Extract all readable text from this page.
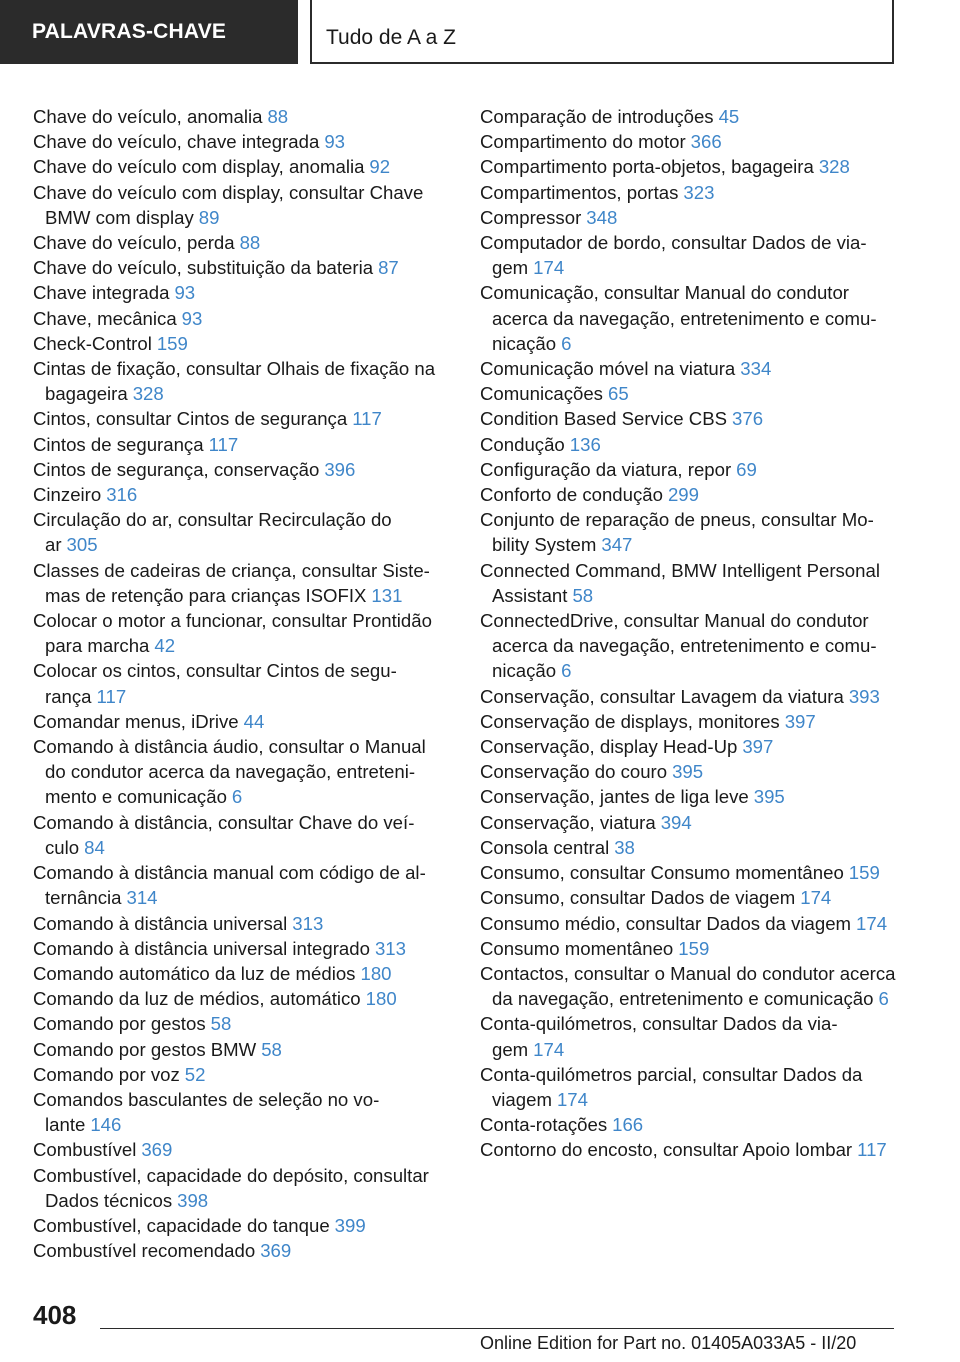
PALAVRAS-CHAVE	Tudo de A a Z
Chave do veículo, anomalia 88
Chave do veículo, chave integrada 93
Chave do veículo com display, anomalia 92
Chave do veículo com display, consultar Chave BMW com display 89
Chave do veículo, perda 88
Chave do veículo, substituição da bateria 87
Chave integrada 93
Chave, mecânica 93
Check-Control 159
Cintas de fixação, consultar Olhais de fixação na bagageira 328
Cintos, consultar Cintos de segurança 117
Cintos de segurança 117
Cintos de segurança, conservação 396
Cinzeiro 316
Circulação do ar, consultar Recirculação do ar 305
Classes de cadeiras de criança, consultar Sistemas de retenção para crianças ISOFIX 131
Colocar o motor a funcionar, consultar Prontidão para marcha 42
Colocar os cintos, consultar Cintos de segurança 117
Comandar menus, iDrive 44
Comando à distância áudio, consultar o Manual do condutor acerca da navegação, entretenimento e comunicação 6
Comando à distância, consultar Chave do veículo 84
Comando à distância manual com código de alternância 314
Comando à distância universal 313
Comando à distância universal integrado 313
Comando automático da luz de médios 180
Comando da luz de médios, automático 180
Comando por gestos 58
Comando por gestos BMW 58
Comando por voz 52
Comandos basculantes de seleção no volante 146
Combustível 369
Combustível, capacidade do depósito, consultar Dados técnicos 398
Combustível, capacidade do tanque 399
Combustível recomendado 369
Comparação de introduções 45
Compartimento do motor 366
Compartimento porta-objetos, bagageira 328
Compartimentos, portas 323
Compressor 348
Computador de bordo, consultar Dados de viagem 174
Comunicação, consultar Manual do condutor acerca da navegação, entretenimento e comunicação 6
Comunicação móvel na viatura 334
Comunicações 65
Condition Based Service CBS 376
Condução 136
Configuração da viatura, repor 69
Conforto de condução 299
Conjunto de reparação de pneus, consultar Mobility System 347
Connected Command, BMW Intelligent Personal Assistant 58
ConnectedDrive, consultar Manual do condutor acerca da navegação, entretenimento e comunicação 6
Conservação, consultar Lavagem da viatura 393
Conservação de displays, monitores 397
Conservação, display Head-Up 397
Conservação do couro 395
Conservação, jantes de liga leve 395
Conservação, viatura 394
Consola central 38
Consumo, consultar Consumo momentâneo 159
Consumo, consultar Dados de viagem 174
Consumo médio, consultar Dados da viagem 174
Consumo momentâneo 159
Contactos, consultar o Manual do condutor acerca da navegação, entretenimento e comunicação 6
Conta-quilómetros, consultar Dados da viagem 174
Conta-quilómetros parcial, consultar Dados da viagem 174
Conta-rotações 166
Contorno do encosto, consultar Apoio lombar 117
408
Online Edition for Part no. 01405A033A5 - II/20
